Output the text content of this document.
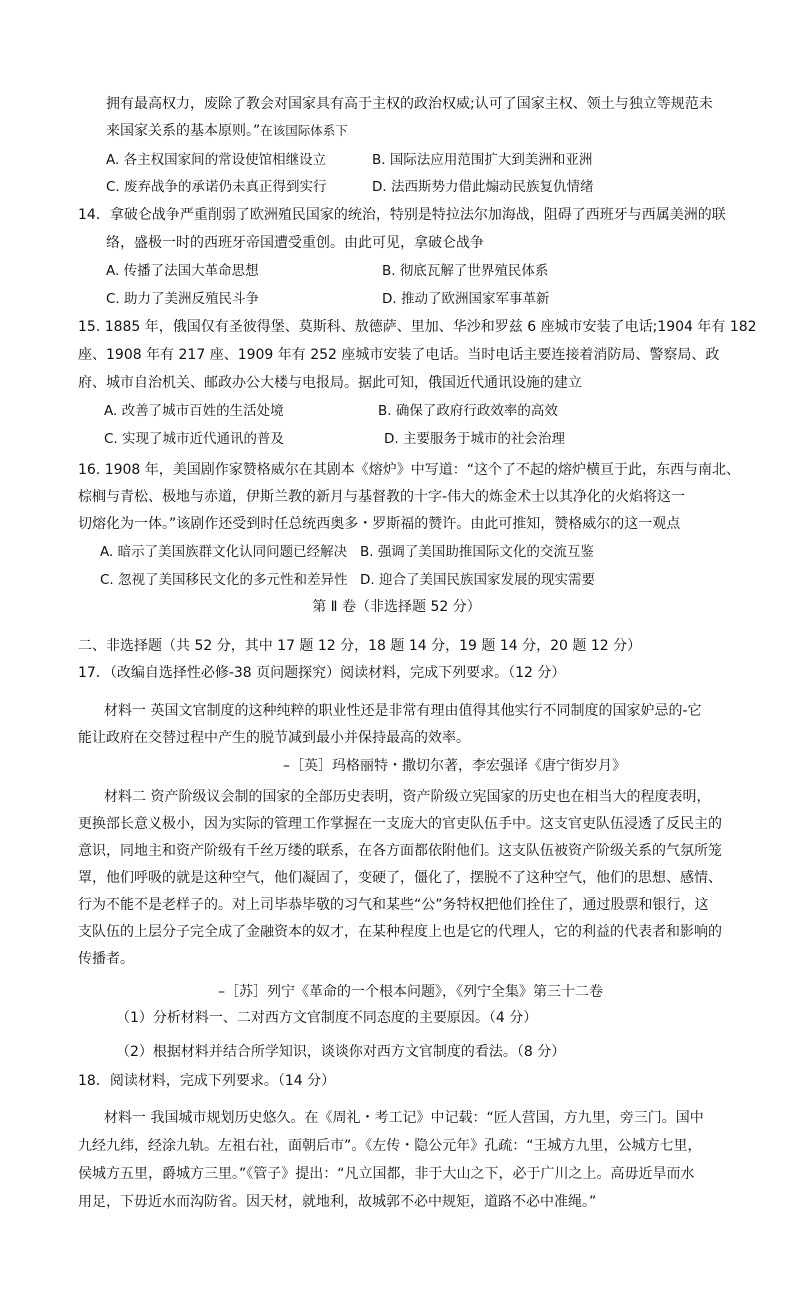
拥有最高权力，废除了教会对国家具有高于主权的政治权威;认可了国家主权、领土与独立等规范未
来国家关系的基本原则。”在该国际体系下
A. 各主权国家间的常设使馆相继设立	B. 国际法应用范围扩大到美洲和亚洲
C. 废弃战争的承诺仍未真正得到实行	D. 法西斯势力借此煽动民族复仇情绪
14．拿破仑战争严重削弱了欧洲殖民国家的统治，特别是特拉法尔加海战，阻碍了西班牙与西属美洲的联
络，盛极一时的西班牙帝国遭受重创。由此可见，拿破仑战争
A. 传播了法国大革命思想	B. 彻底瓦解了世界殖民体系
C. 助力了美洲反殖民斗争	D. 推动了欧洲国家军事革新
15. 1885 年，俄国仅有圣彼得堡、莫斯科、敖德萨、里加、华沙和罗兹 6 座城市安装了电话;1904 年有 182
座、1908 年有 217 座、1909 年有 252 座城市安装了电话。当时电话主要连接着消防局、警察局、政
府、城市自治机关、邮政办公大楼与电报局。据此可知，俄国近代通讯设施的建立
A. 改善了城市百姓的生活处境	B. 确保了政府行政效率的高效
C. 实现了城市近代通讯的普及	D. 主要服务于城市的社会治理
16. 1908 年，美国剧作家赞格威尔在其剧本《熔炉》中写道：“这个了不起的熔炉横亘于此，东西与南北、
棕榈与青松、极地与赤道，伊斯兰教的新月与基督教的十字-伟大的炼金术士以其净化的火焰将这一
切熔化为一体。”该剧作还受到时任总统西奥多・罗斯福的赞许。由此可推知，赞格威尔的这一观点
A. 暗示了美国族群文化认同问题已经解决 B. 强调了美国助推国际文化的交流互鉴
C. 忽视了美国移民文化的多元性和差异性 D. 迎合了美国民族国家发展的现实需要
第 Ⅱ 卷（非选择题 52 分）
二、非选择题（共 52 分，其中 17 题 12 分，18 题 14 分，19 题 14 分，20 题 12 分）
17．（改编自选择性必修-38 页问题探究）阅读材料，完成下列要求。（12 分）
材料一 英国文官制度的这种纯粹的职业性还是非常有理由值得其他实行不同制度的国家妒忌的-它
能让政府在交替过程中产生的脱节减到最小并保持最高的效率。
–［英］玛格丽特・撒切尔著，李宏强译《唐宁街岁月》
材料二 资产阶级议会制的国家的全部历史表明，资产阶级立宪国家的历史也在相当大的程度表明，
更换部长意义极小，因为实际的管理工作掌握在一支庞大的官吏队伍手中。这支官吏队伍浸透了反民主的
意识，同地主和资产阶级有千丝万缕的联系，在各方面都依附他们。这支队伍被资产阶级关系的气氛所笼
罩，他们呼吸的就是这种空气，他们凝固了，变硬了，僵化了，摆脱不了这种空气，他们的思想、感情、
行为不能不是老样子的。对上司毕恭毕敬的习气和某些“公”务特权把他们拴住了，通过股票和银行，这
支队伍的上层分子完全成了金融资本的奴才，在某种程度上也是它的代理人，它的利益的代表者和影响的
传播者。
–［苏］列宁《革命的一个根本问题》，《列宁全集》第三十二卷
（1）分析材料一、二对西方文官制度不同态度的主要原因。（4 分）
（2）根据材料并结合所学知识，谈谈你对西方文官制度的看法。（8 分）
18．阅读材料，完成下列要求。（14 分）
材料一 我国城市规划历史悠久。在《周礼・考工记》中记载：“匠人营国，方九里，旁三门。国中
九经九纬，经涂九轨。左祖右社，面朝后市”。《左传・隐公元年》孔疏：“王城方九里，公城方七里，
侯城方五里，爵城方三里。”《管子》提出：“凡立国都，非于大山之下，必于广川之上。高毋近旱而水
用足，下毋近水而沟防省。因天材，就地利，故城郭不必中规矩，道路不必中准绳。”
